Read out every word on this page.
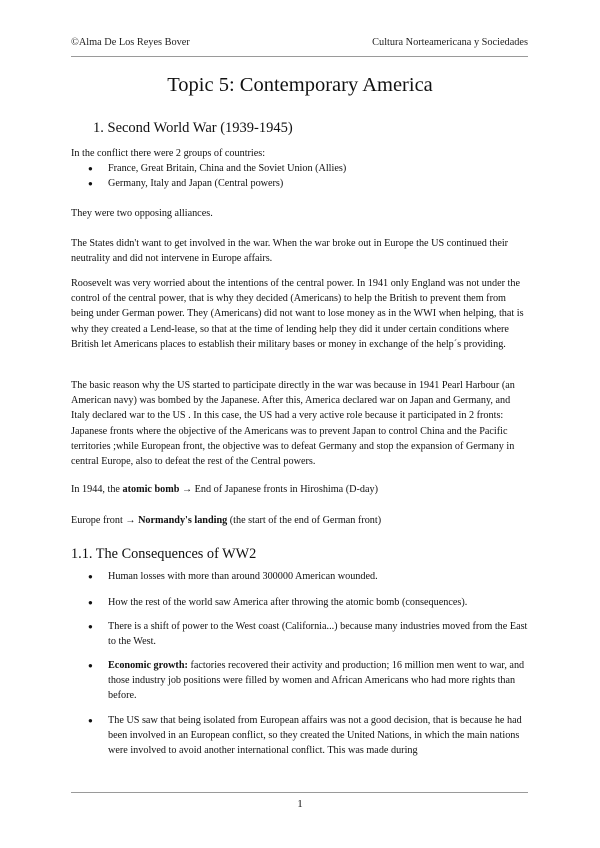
©Alma De Los Reyes Bover	Cultura Norteamericana y Sociedades
Topic 5: Contemporary America
1. Second World War (1939-1945)

In the conflict there were 2 groups of countries:

● France, Great Britain, China and the Soviet Union (Allies)
● Germany, Italy and Japan (Central powers)

They were two opposing alliances.

The States didn't want to get involved in the war. When the war broke out in Europe the US continued their neutrality and did not intervene in Europe affairs.

Roosevelt was very worried about the intentions of the central power. In 1941 only England was not under the control of the central power, that is why they decided (Americans) to help the British to prevent them from being under German power. They (Americans) did not want to lose money as in the WWI when helping, that is why they created a Lend-lease, so that at the time of lending help they did it under certain conditions where British let Americans places to establish their military bases or money in exchange of the help´s providing.

The basic reason why the US started to participate directly in the war was because in 1941 Pearl Harbour (an American navy) was bombed by the Japanese. After this, America declared war on Japan and Germany, and Italy declared war to the US . In this case, the US had a very active role because it participated in 2 fronts: Japanese fronts where the objective of the Americans was to prevent Japan to control China and the Pacific territories ;while European front, the objective was to defeat Germany and stop the expansion of Germany in central Europe, also to defeat the rest of the Central powers.

In 1944, the atomic bomb → End of Japanese fronts in Hiroshima (D-day)

Europe front → Normandy's landing (the start of the end of German front)

1.1. The Consequences of WW2
● Human losses with more than around 300000 American wounded.
● How the rest of the world saw America after throwing the atomic bomb (consequences).
● There is a shift of power to the West coast (California...) because many industries moved from the East to the West.
● Economic growth: factories recovered their activity and production; 16 million men went to war, and those industry job positions were filled by women and African Americans who had more rights than before.
● The US saw that being isolated from European affairs was not a good decision, that is because he had been involved in an European conflict, so they created the United Nations, in which the main nations were involved to avoid another international conflict. This was made during
1
